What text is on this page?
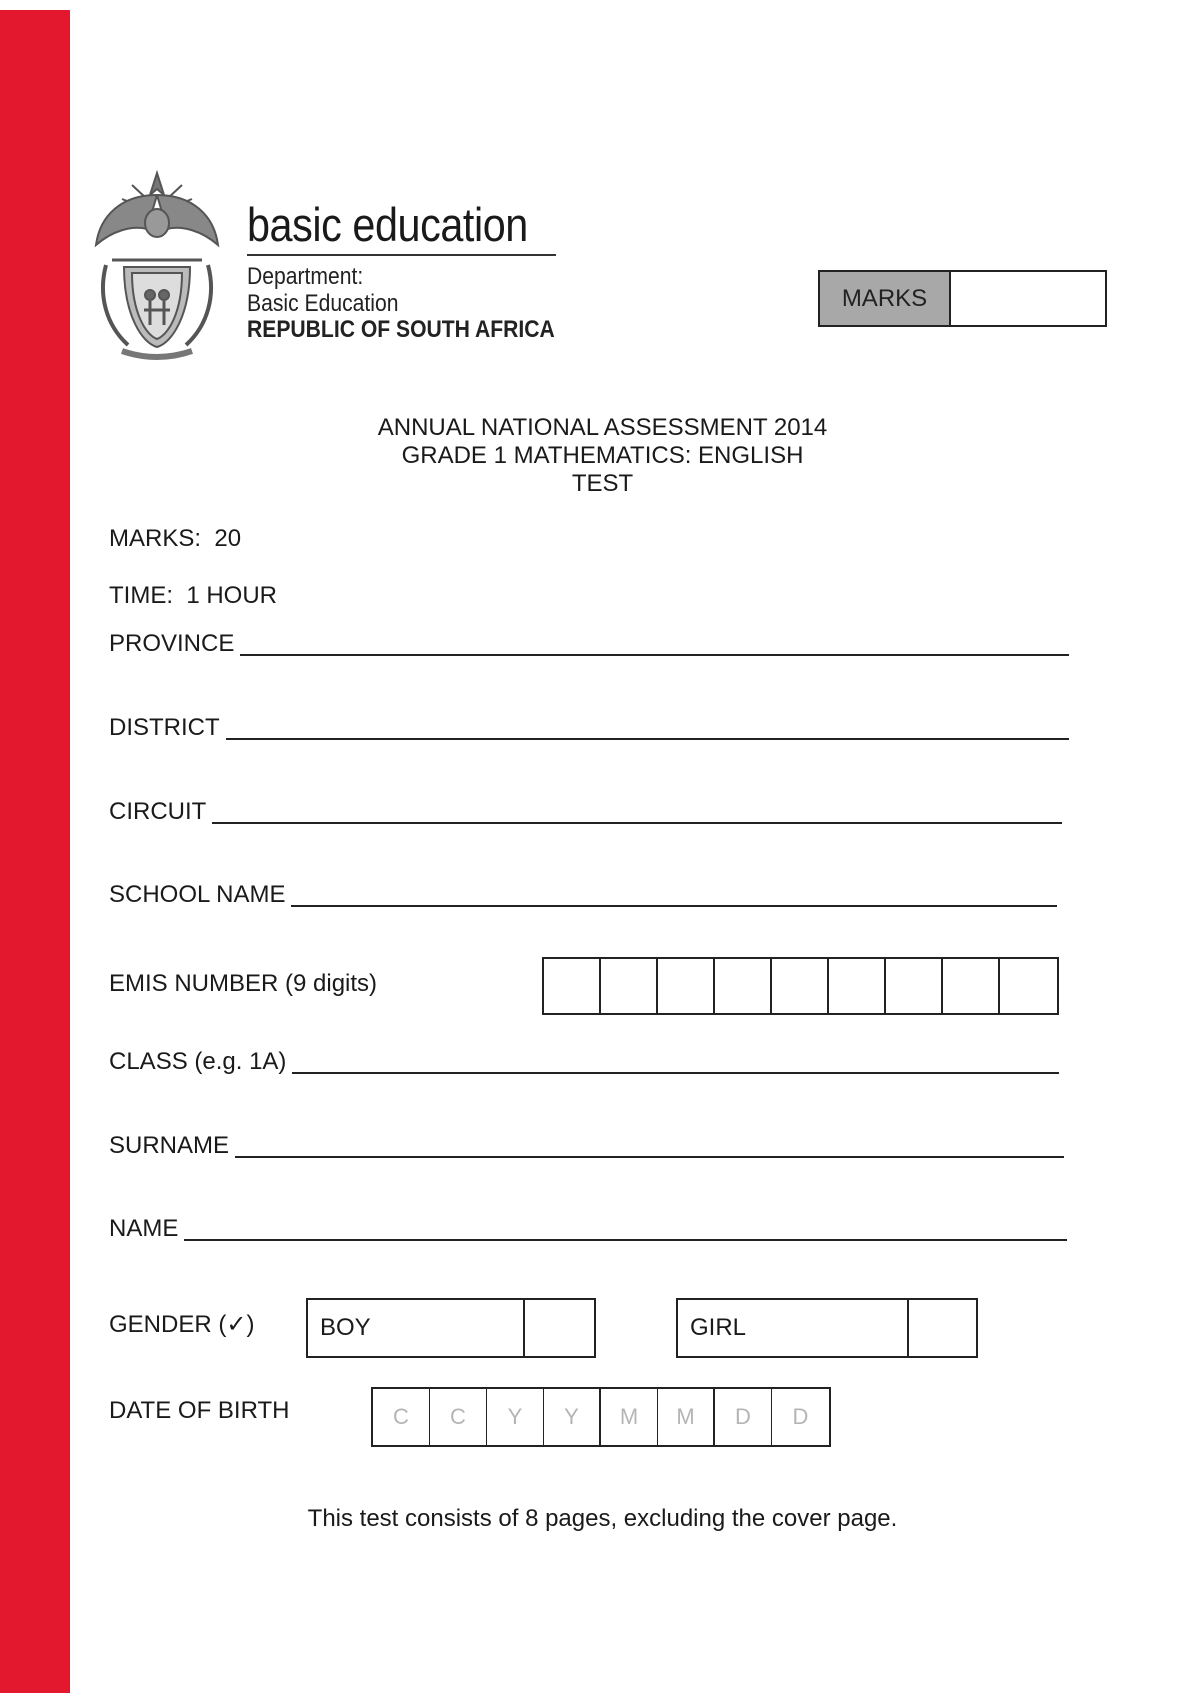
basic education
Department:
Basic Education
REPUBLIC OF SOUTH AFRICA
MARKS
ANNUAL NATIONAL ASSESSMENT 2014
GRADE 1 MATHEMATICS: ENGLISH
TEST
MARKS:  20
TIME:  1 HOUR
PROVINCE
DISTRICT
CIRCUIT
SCHOOL NAME
EMIS NUMBER (9 digits)
CLASS (e.g. 1A)
SURNAME
NAME
GENDER (✓)	BOY	GIRL
DATE OF BIRTH	C	C	Y	Y	M	M	D	D
This test consists of 8 pages, excluding the cover page.
